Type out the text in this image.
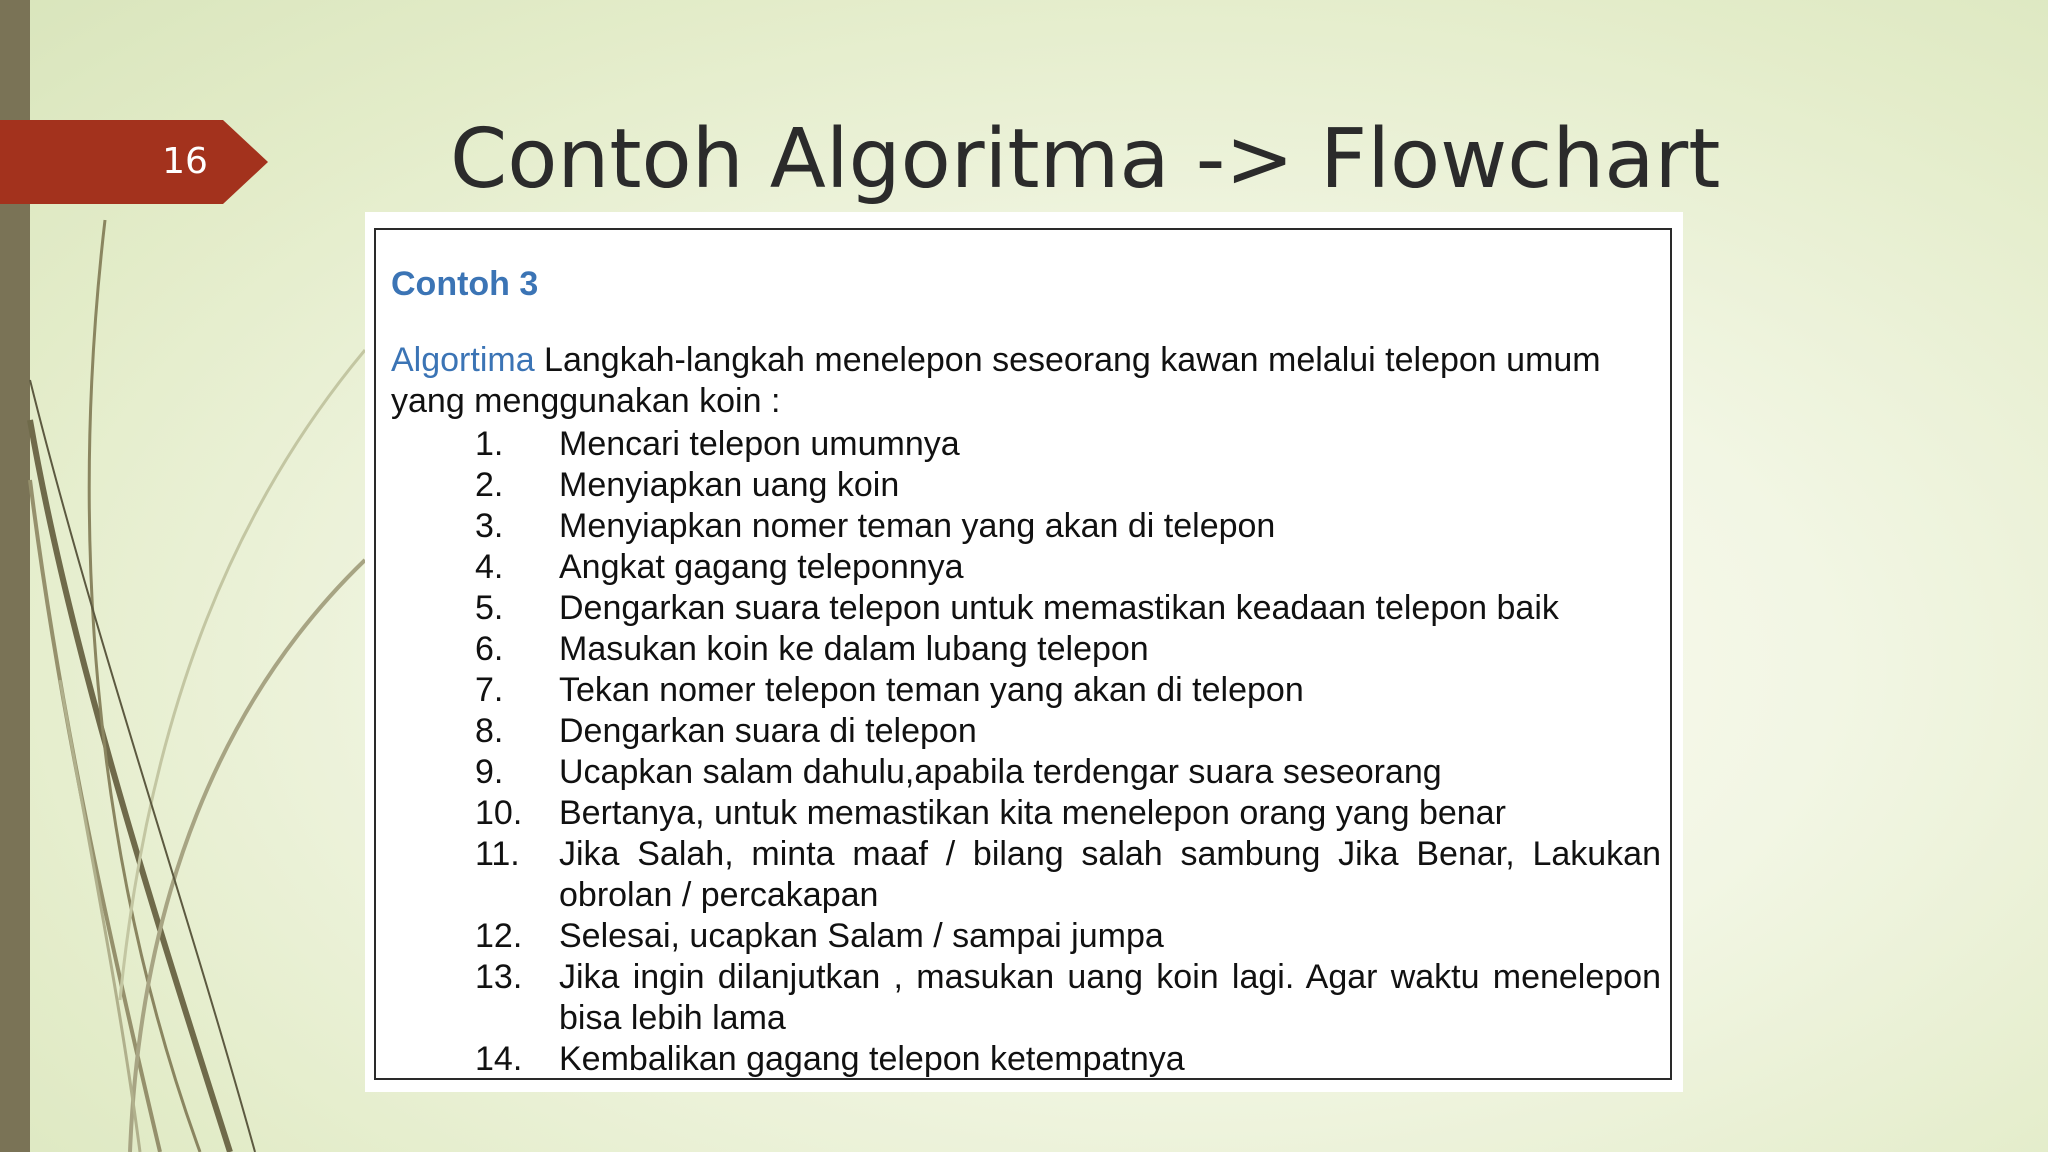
16	Contoh Algoritma -> Flowchart
Contoh 3

Algortima Langkah-langkah menelepon seseorang kawan melalui telepon umum yang menggunakan koin :

1.	Mencari telepon umumnya
2.	Menyiapkan uang koin
3.	Menyiapkan nomer teman yang akan di telepon
4.	Angkat gagang teleponnya
5.	Dengarkan suara telepon untuk memastikan keadaan telepon baik
6.	Masukan koin ke dalam lubang telepon
7.	Tekan nomer telepon teman yang akan di telepon
8.	Dengarkan suara di telepon
9.	Ucapkan salam dahulu,apabila terdengar suara seseorang
10.	Bertanya, untuk memastikan kita menelepon orang yang benar
11.	Jika Salah, minta maaf / bilang salah sambung Jika Benar, Lakukan obrolan / percakapan
12.	Selesai, ucapkan Salam / sampai jumpa
13.	Jika ingin dilanjutkan , masukan uang koin lagi. Agar waktu menelepon bisa lebih lama
14.	Kembalikan gagang telepon ketempatnya
